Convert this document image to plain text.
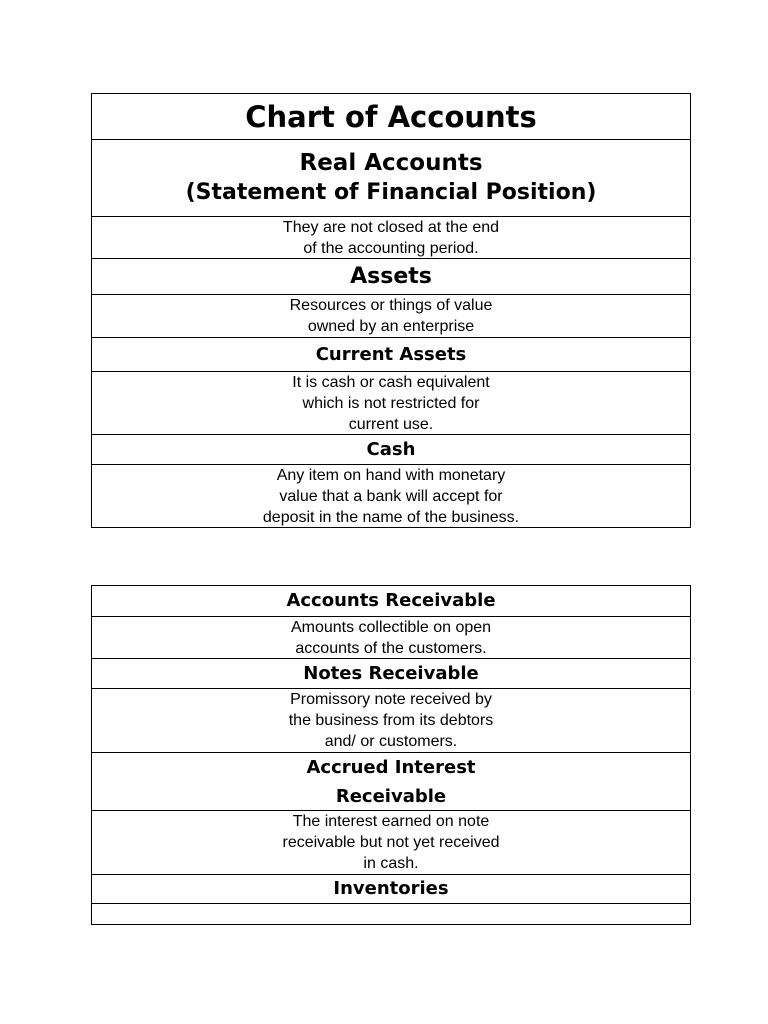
Chart of Accounts
Real Accounts
(Statement of Financial Position)
They are not closed at the end
of the accounting period.
Assets
Resources or things of value
owned by an enterprise
Current Assets
It is cash or cash equivalent
which is not restricted for
current use.
Cash
Any item on hand with monetary
value that a bank will accept for
deposit in the name of the business.
Accounts Receivable
Amounts collectible on open
accounts of the customers.
Notes Receivable
Promissory note received by
the business from its debtors
and/ or customers.
Accrued Interest
Receivable
The interest earned on note
receivable but not yet received
in cash.
Inventories
